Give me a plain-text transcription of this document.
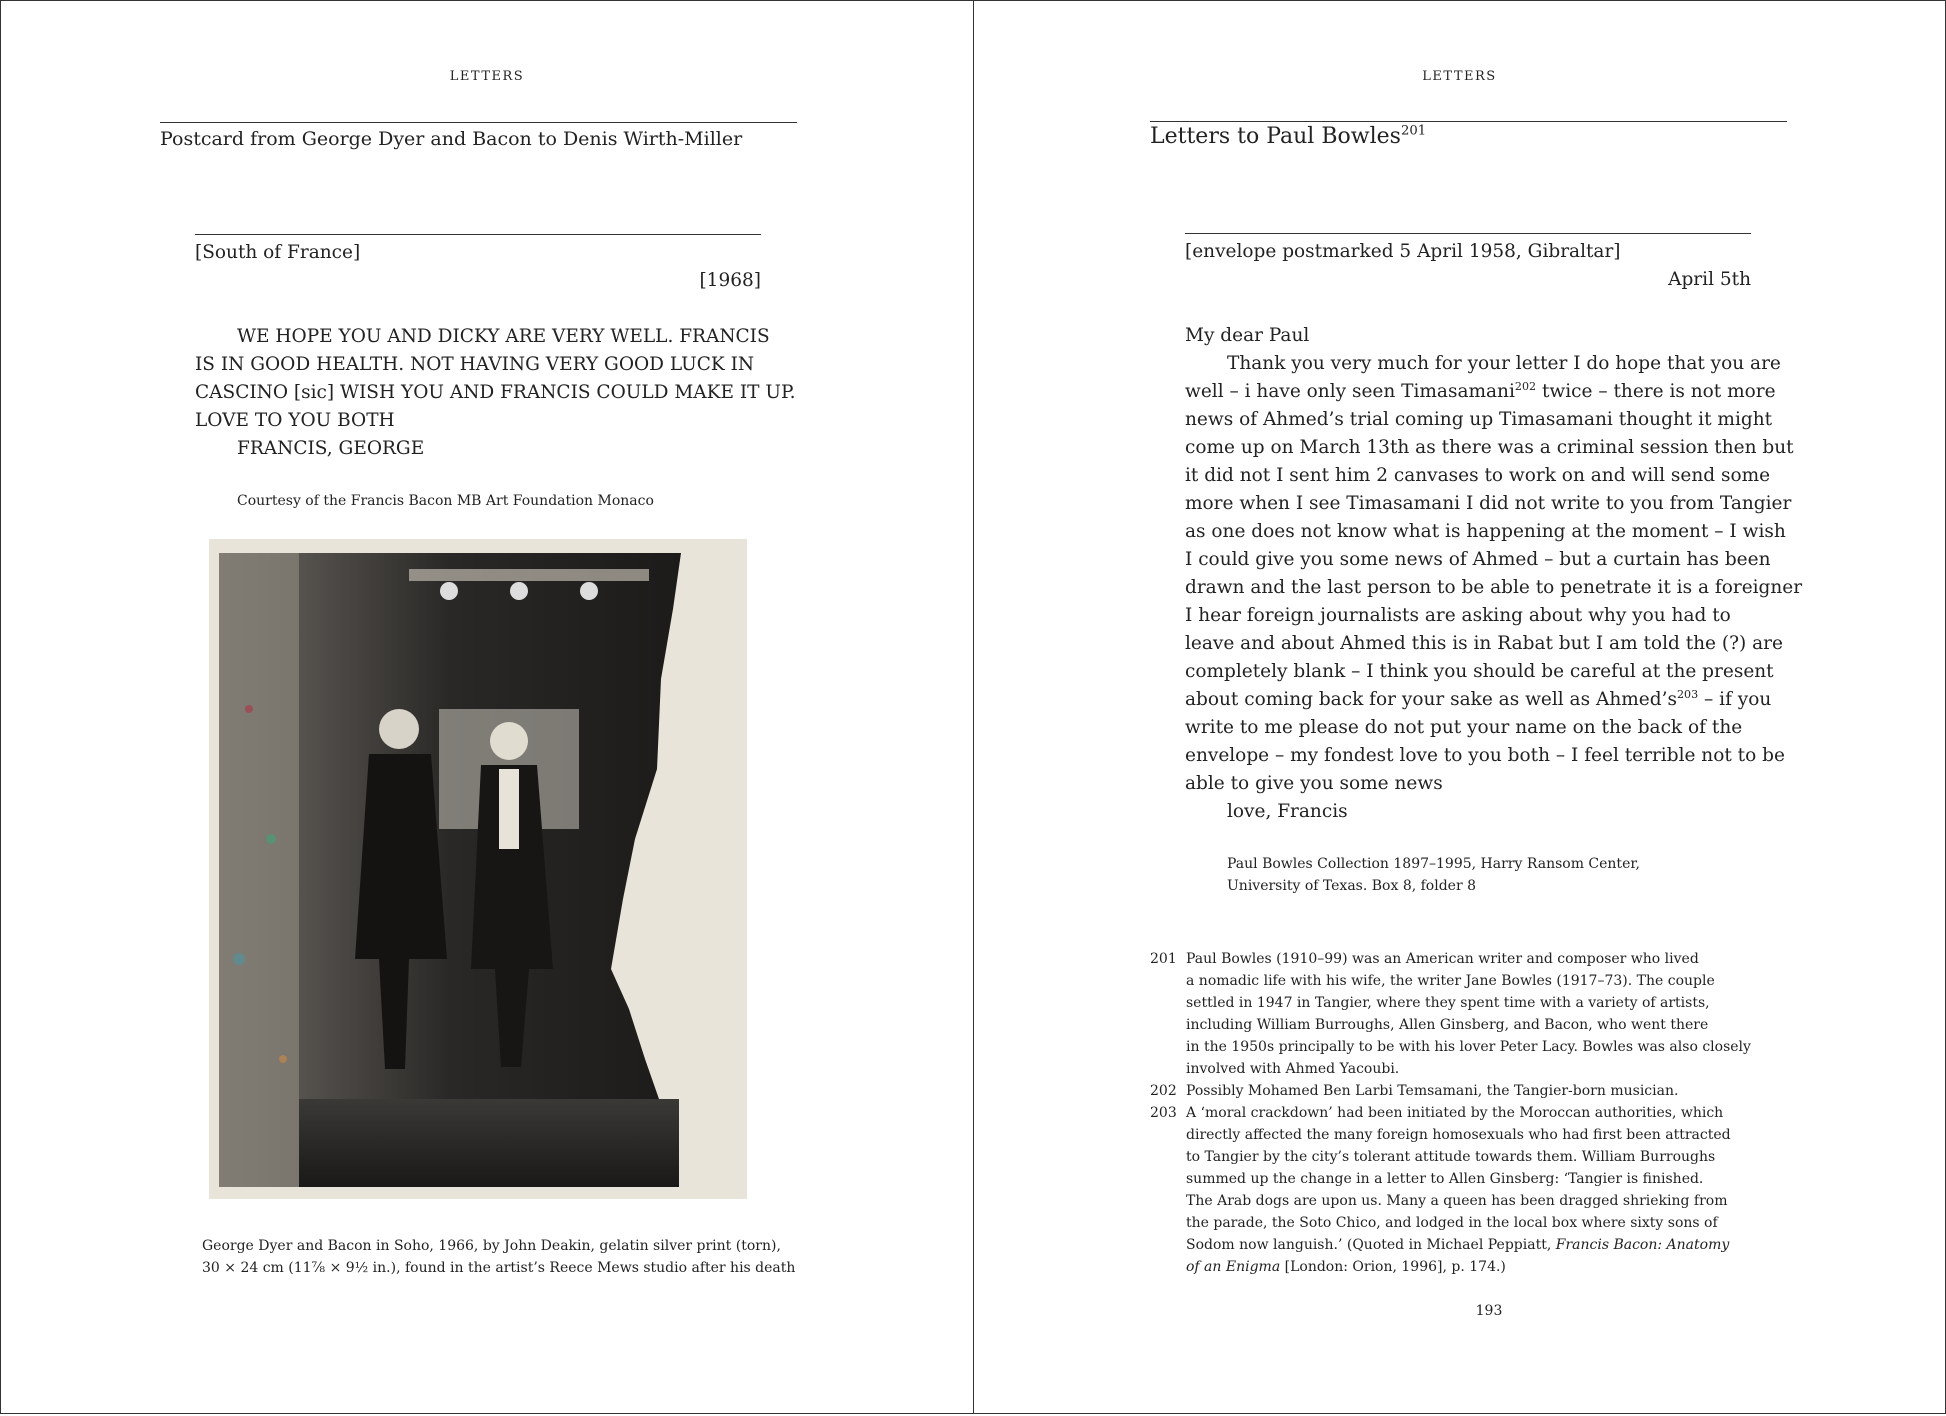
LETTERS
Postcard from George Dyer and Bacon to Denis Wirth-Miller
[South of France]
[1968]
WE HOPE YOU AND DICKY ARE VERY WELL. FRANCIS
IS IN GOOD HEALTH. NOT HAVING VERY GOOD LUCK IN
CASCINO [sic] WISH YOU AND FRANCIS COULD MAKE IT UP.
LOVE TO YOU BOTH
FRANCIS, GEORGE
Courtesy of the Francis Bacon MB Art Foundation Monaco
George Dyer and Bacon in Soho, 1966, by John Deakin, gelatin silver print (torn),
30 × 24 cm (11⅞ × 9½ in.), found in the artist’s Reece Mews studio after his death
LETTERS
Letters to Paul Bowles$^{201}$
[envelope postmarked 5 April 1958, Gibraltar]
April 5th
My dear Paul
Thank you very much for your letter I do hope that you are
well – i have only seen Timasamani$^{202}$ twice – there is not more
news of Ahmed’s trial coming up Timasamani thought it might
come up on March 13th as there was a criminal session then but
it did not I sent him 2 canvases to work on and will send some
more when I see Timasamani I did not write to you from Tangier
as one does not know what is happening at the moment – I wish
I could give you some news of Ahmed – but a curtain has been
drawn and the last person to be able to penetrate it is a foreigner
I hear foreign journalists are asking about why you had to
leave and about Ahmed this is in Rabat but I am told the (?) are
completely blank – I think you should be careful at the present
about coming back for your sake as well as $Ahmed’s^{203}$ – if you
write to me please do not put your name on the back of the
envelope – my fondest love to you both – I feel terrible not to be
able to give you some news
love, Francis
Paul Bowles Collection 1897–1995, Harry Ransom Center,
University of Texas. Box 8, folder 8
201 Paul Bowles (1910–99) was an American writer and composer who lived
a nomadic life with his wife, the writer Jane Bowles (1917–73). The couple
settled in 1947 in Tangier, where they spent time with a variety of artists,
including William Burroughs, Allen Ginsberg, and Bacon, who went there
in the 1950s principally to be with his lover Peter Lacy. Bowles was also closely
involved with Ahmed Yacoubi.
202 Possibly Mohamed Ben Larbi Temsamani, the Tangier-born musician.
203 A ‘moral crackdown’ had been initiated by the Moroccan authorities, which
directly affected the many foreign homosexuals who had first been attracted
to Tangier by the city’s tolerant attitude towards them. William Burroughs
summed up the change in a letter to Allen Ginsberg: ‘Tangier is finished.
The Arab dogs are upon us. Many a queen has been dragged shrieking from
the parade, the Soto Chico, and lodged in the local box where sixty sons of
Sodom now languish.’ (Quoted in Michael Peppiatt, Francis Bacon: Anatomy
of an Enigma [London: Orion, 1996], p. 174.)
193
